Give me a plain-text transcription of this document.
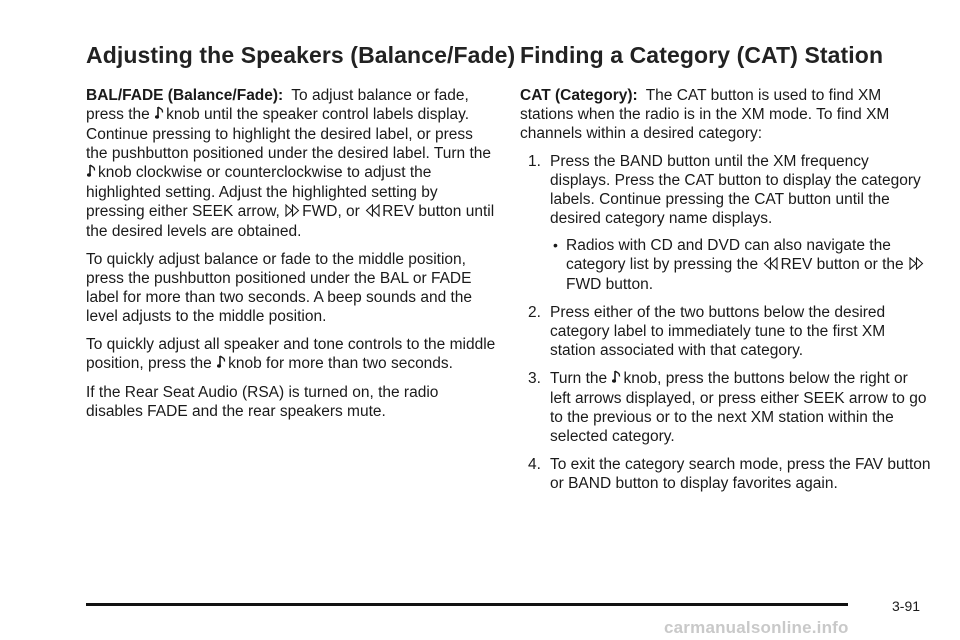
Adjusting the Speakers (Balance/Fade)

BAL/FADE (Balance/Fade): To adjust balance or fade, press the knob until the speaker control labels display. Continue pressing to highlight the desired label, or press the pushbutton positioned under the desired label. Turn the knob clockwise or counterclockwise to adjust the highlighted setting. Adjust the highlighted setting by pressing either SEEK arrow, FWD, or REV button until the desired levels are obtained.

To quickly adjust balance or fade to the middle position, press the pushbutton positioned under the BAL or FADE label for more than two seconds. A beep sounds and the level adjusts to the middle position.

To quickly adjust all speaker and tone controls to the middle position, press the knob for more than two seconds.

If the Rear Seat Audio (RSA) is turned on, the radio disables FADE and the rear speakers mute.

Finding a Category (CAT) Station

CAT (Category): The CAT button is used to find XM stations when the radio is in the XM mode. To find XM channels within a desired category:

1. Press the BAND button until the XM frequency displays. Press the CAT button to display the category labels. Continue pressing the CAT button until the desired category name displays.
• Radios with CD and DVD can also navigate the category list by pressing the REV button or the FWD button.
2. Press either of the two buttons below the desired category label to immediately tune to the first XM station associated with that category.
3. Turn the knob, press the buttons below the right or left arrows displayed, or press either SEEK arrow to go to the previous or to the next XM station within the selected category.
4. To exit the category search mode, press the FAV button or BAND button to display favorites again.
3-91
carmanualsonline.info
